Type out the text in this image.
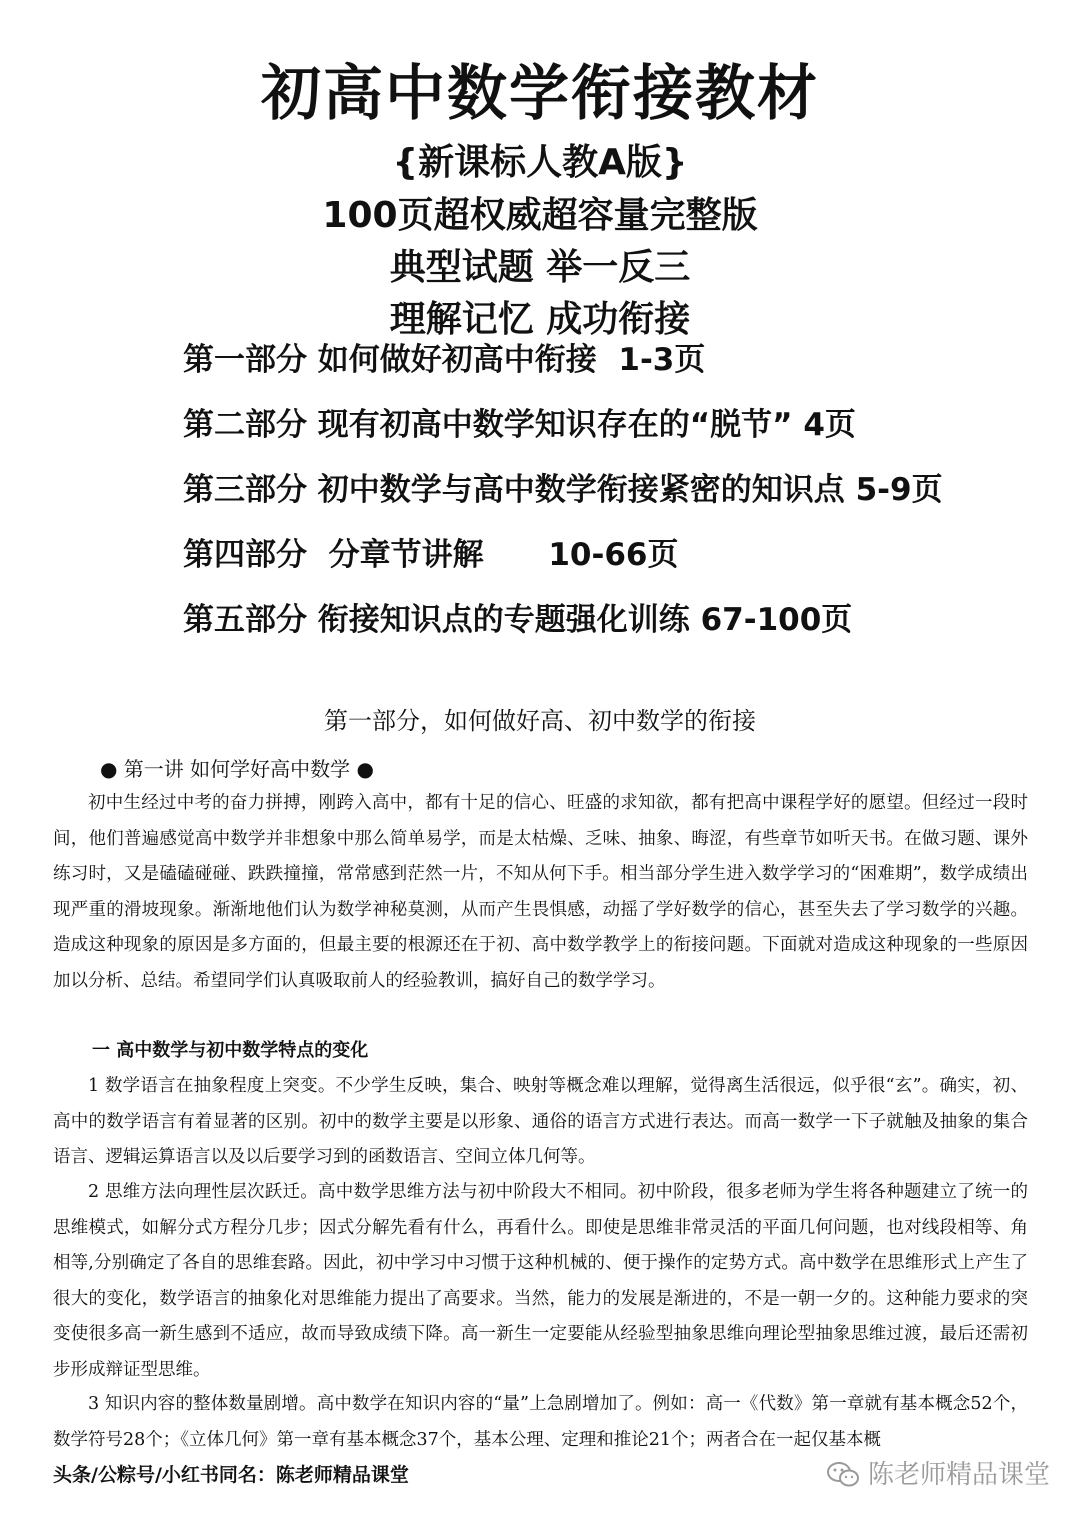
初高中数学衔接教材
{新课标人教A版}
100页超权威超容量完整版
典型试题 举一反三
理解记忆 成功衔接
第一部分 如何做好初高中衔接  1-3页
第二部分 现有初高中数学知识存在的“脱节” 4页
第三部分 初中数学与高中数学衔接紧密的知识点 5-9页
第四部分  分章节讲解      10-66页
第五部分 衔接知识点的专题强化训练 67-100页
第一部分，如何做好高、初中数学的衔接
● 第一讲 如何学好高中数学 ●
初中生经过中考的奋力拼搏，刚跨入高中，都有十足的信心、旺盛的求知欲，都有把高中课程学好的愿望。但经过一段时间，他们普遍感觉高中数学并非想象中那么简单易学，而是太枯燥、乏味、抽象、晦涩，有些章节如听天书。在做习题、课外练习时，又是磕磕碰碰、跌跌撞撞，常常感到茫然一片，不知从何下手。相当部分学生进入数学学习的“困难期”，数学成绩出现严重的滑坡现象。渐渐地他们认为数学神秘莫测，从而产生畏惧感，动摇了学好数学的信心，甚至失去了学习数学的兴趣。造成这种现象的原因是多方面的，但最主要的根源还在于初、高中数学教学上的衔接问题。下面就对造成这种现象的一些原因加以分析、总结。希望同学们认真吸取前人的经验教训，搞好自己的数学学习。
一 高中数学与初中数学特点的变化
1 数学语言在抽象程度上突变。不少学生反映，集合、映射等概念难以理解，觉得离生活很远，似乎很“玄”。确实，初、高中的数学语言有着显著的区别。初中的数学主要是以形象、通俗的语言方式进行表达。而高一数学一下子就触及抽象的集合语言、逻辑运算语言以及以后要学习到的函数语言、空间立体几何等。
2 思维方法向理性层次跃迁。高中数学思维方法与初中阶段大不相同。初中阶段，很多老师为学生将各种题建立了统一的思维模式，如解分式方程分几步；因式分解先看有什么，再看什么。即使是思维非常灵活的平面几何问题，也对线段相等、角相等,分别确定了各自的思维套路。因此，初中学习中习惯于这种机械的、便于操作的定势方式。高中数学在思维形式上产生了很大的变化，数学语言的抽象化对思维能力提出了高要求。当然，能力的发展是渐进的，不是一朝一夕的。这种能力要求的突变使很多高一新生感到不适应，故而导致成绩下降。高一新生一定要能从经验型抽象思维向理论型抽象思维过渡，最后还需初步形成辩证型思维。
3 知识内容的整体数量剧增。高中数学在知识内容的“量”上急剧增加了。例如：高一《代数》第一章就有基本概念52个，数学符号28个；《立体几何》第一章有基本概念37个，基本公理、定理和推论21个；两者合在一起仅基本概
头条/公粽号/小红书同名：陈老师精品课堂	陈老师精品课堂
